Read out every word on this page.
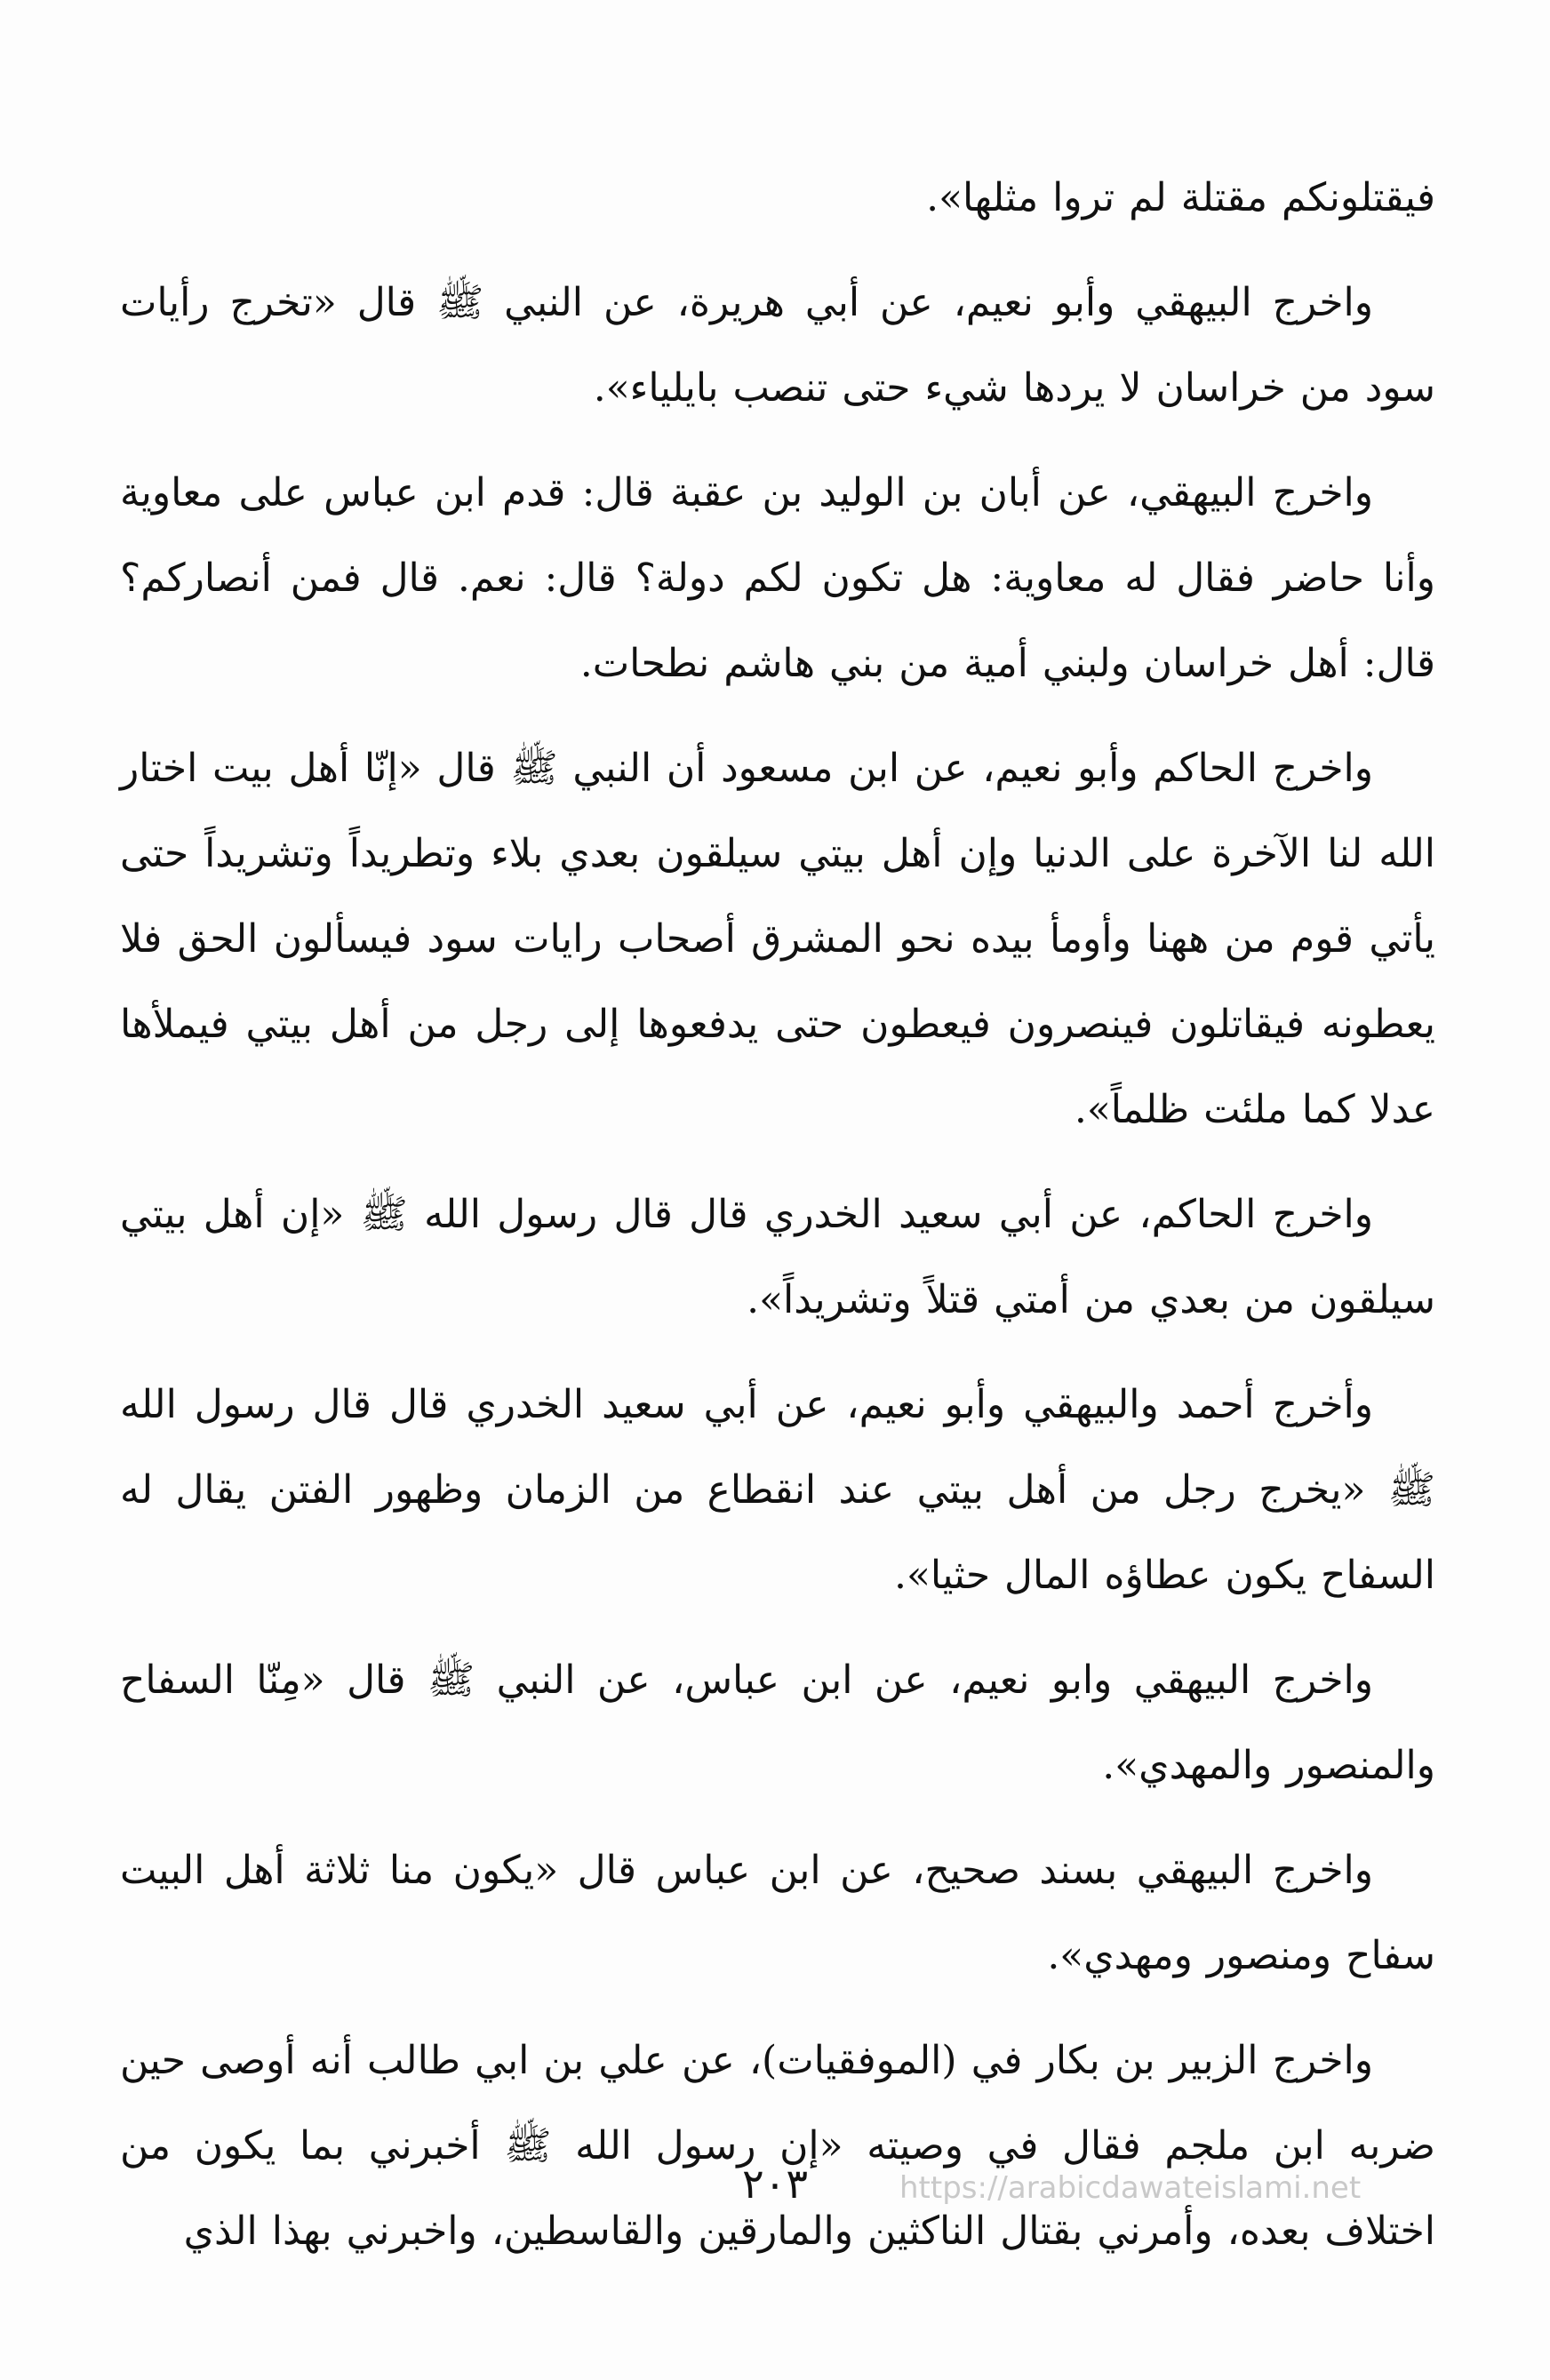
فيقتلونكم مقتلة لم تروا مثلها».

واخرج البيهقي وأبو نعيم، عن أبي هريرة، عن النبي ﷺ قال «تخرج رأيات سود من خراسان لا يردها شيء حتى تنصب بايلياء».

واخرج البيهقي، عن أبان بن الوليد بن عقبة قال: قدم ابن عباس على معاوية وأنا حاضر فقال له معاوية: هل تكون لكم دولة؟ قال: نعم. قال فمن أنصاركم؟ قال: أهل خراسان ولبني أمية من بني هاشم نطحات.

واخرج الحاكم وأبو نعيم، عن ابن مسعود أن النبي ﷺ قال «إنّا أهل بيت اختار الله لنا الآخرة على الدنيا وإن أهل بيتي سيلقون بعدي بلاء وتطريداً وتشريداً حتى يأتي قوم من ههنا وأومأ بيده نحو المشرق أصحاب رايات سود فيسألون الحق فلا يعطونه فيقاتلون فينصرون فيعطون حتى يدفعوها إلى رجل من أهل بيتي فيملأها عدلا كما ملئت ظلماً».

واخرج الحاكم، عن أبي سعيد الخدري قال قال رسول الله ﷺ «إن أهل بيتي سيلقون من بعدي من أمتي قتلاً وتشريداً».

وأخرج أحمد والبيهقي وأبو نعيم، عن أبي سعيد الخدري قال قال رسول الله ﷺ «يخرج رجل من أهل بيتي عند انقطاع من الزمان وظهور الفتن يقال له السفاح يكون عطاؤه المال حثيا».

واخرج البيهقي وابو نعيم، عن ابن عباس، عن النبي ﷺ قال «مِنّا السفاح والمنصور والمهدي».

واخرج البيهقي بسند صحيح، عن ابن عباس قال «يكون منا ثلاثة أهل البيت سفاح ومنصور ومهدي».

واخرج الزبير بن بكار في (الموفقيات)، عن علي بن ابي طالب أنه أوصى حين ضربه ابن ملجم فقال في وصيته «إن رسول الله ﷺ أخبرني بما يكون من اختلاف بعده، وأمرني بقتال الناكثين والمارقين والقاسطين، واخبرني بهذا الذي

٢٠٣	https://arabicdawateislami.net
